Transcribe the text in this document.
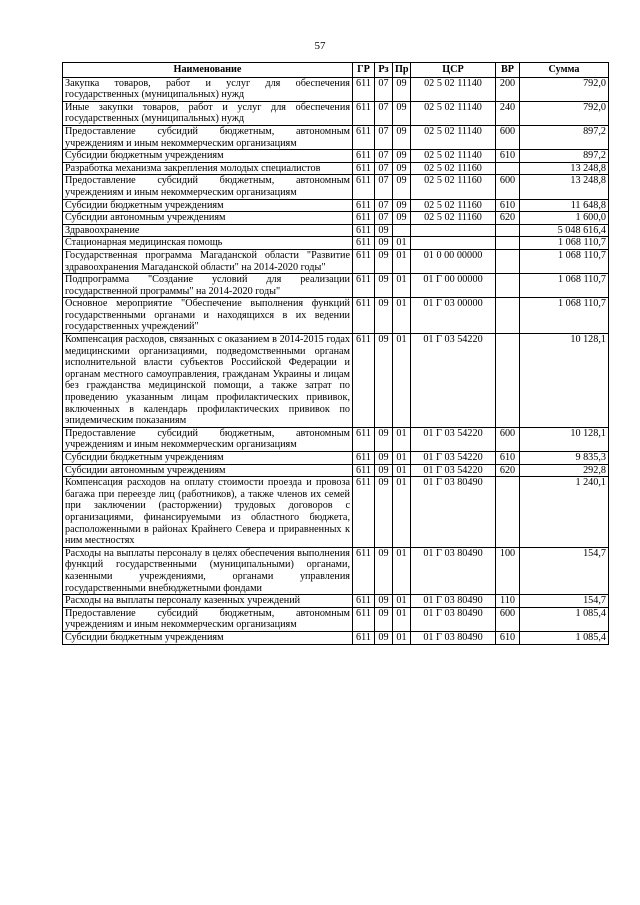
57
Наименование	ГР	Рз	Пр	ЦСР	ВР	Сумма
Закупка товаров, работ и услуг для обеспечения государственных (муниципальных) нужд	611	07	09	02 5 02 11140	200	792,0
Иные закупки товаров, работ и услуг для обеспечения государственных (муниципальных) нужд	611	07	09	02 5 02 11140	240	792,0
Предоставление субсидий бюджетным, автономным учреждениям и иным некоммерческим организациям	611	07	09	02 5 02 11140	600	897,2
Субсидии бюджетным учреждениям	611	07	09	02 5 02 11140	610	897,2
Разработка механизма закрепления молодых специалистов	611	07	09	02 5 02 11160		13 248,8
Предоставление субсидий бюджетным, автономным учреждениям и иным некоммерческим организациям	611	07	09	02 5 02 11160	600	13 248,8
Субсидии бюджетным учреждениям	611	07	09	02 5 02 11160	610	11 648,8
Субсидии автономным учреждениям	611	07	09	02 5 02 11160	620	1 600,0
Здравоохранение	611	09				5 048 616,4
Стационарная медицинская помощь	611	09	01			1 068 110,7
Государственная программа Магаданской области "Развитие здравоохранения Магаданской области" на 2014-2020 годы"	611	09	01	01 0 00 00000		1 068 110,7
Подпрограмма "Создание условий для реализации государственной программы" на 2014-2020 годы"	611	09	01	01 Г 00 00000		1 068 110,7
Основное мероприятие "Обеспечение выполнения функций государственными органами и находящихся в их ведении государственных учреждений"	611	09	01	01 Г 03 00000		1 068 110,7
Компенсация расходов, связанных с оказанием в 2014-2015 годах медицинскими организациями, подведомственными органам исполнительной власти субъектов Российской Федерации и органам местного самоуправления, гражданам Украины и лицам без гражданства медицинской помощи, а также затрат по проведению указанным лицам профилактических прививок, включенных в календарь профилактических прививок по эпидемическим показаниям	611	09	01	01 Г 03 54220		10 128,1
Предоставление субсидий бюджетным, автономным учреждениям и иным некоммерческим организациям	611	09	01	01 Г 03 54220	600	10 128,1
Субсидии бюджетным учреждениям	611	09	01	01 Г 03 54220	610	9 835,3
Субсидии автономным учреждениям	611	09	01	01 Г 03 54220	620	292,8
Компенсация расходов на оплату стоимости проезда и провоза багажа при переезде лиц (работников), а также членов их семей при заключении (расторжении) трудовых договоров с организациями, финансируемыми из областного бюджета, расположенными в районах Крайнего Севера и приравненных к ним местностях	611	09	01	01 Г 03 80490		1 240,1
Расходы на выплаты персоналу в целях обеспечения выполнения функций государственными (муниципальными) органами, казенными учреждениями, органами управления государственными внебюджетными фондами	611	09	01	01 Г 03 80490	100	154,7
Расходы на выплаты персоналу казенных учреждений	611	09	01	01 Г 03 80490	110	154,7
Предоставление субсидий бюджетным, автономным учреждениям и иным некоммерческим организациям	611	09	01	01 Г 03 80490	600	1 085,4
Субсидии бюджетным учреждениям	611	09	01	01 Г 03 80490	610	1 085,4
